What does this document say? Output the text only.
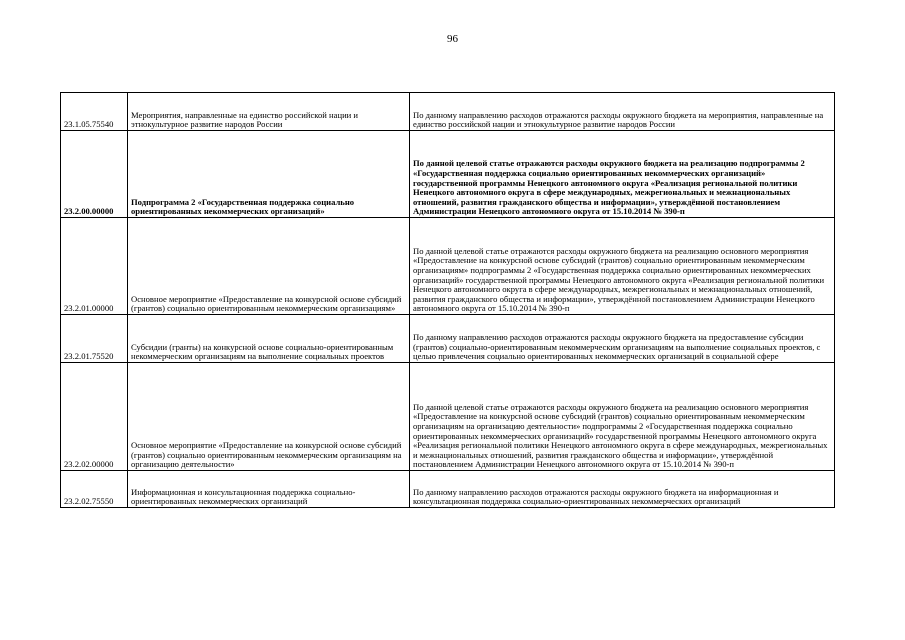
96
23.1.05.75540	Мероприятия, направленные на единство российской нации и этнокультурное развитие народов России	По данному направлению расходов отражаются расходы окружного бюджета на мероприятия, направленные на единство российской нации и этнокультурное развитие народов России
23.2.00.00000	Подпрограмма 2 «Государственная поддержка социально ориентированных некоммерческих организаций»	По данной целевой статье отражаются расходы окружного бюджета на реализацию подпрограммы 2 «Государственная поддержка социально ориентированных некоммерческих организаций» государственной программы Ненецкого автономного округа «Реализация региональной политики Ненецкого автономного округа в сфере международных, межрегиональных и межнациональных отношений, развития гражданского общества и информации», утверждённой постановлением Администрации Ненецкого автономного округа от 15.10.2014 № 390-п
23.2.01.00000	Основное мероприятие «Предоставление на конкурсной основе субсидий (грантов) социально ориентированным некоммерческим организациям»	По данной целевой статье отражаются расходы окружного бюджета на реализацию основного мероприятия «Предоставление на конкурсной основе субсидий (грантов) социально ориентированным некоммерческим организациям» подпрограммы 2 «Государственная поддержка социально ориентированных некоммерческих организаций» государственной программы Ненецкого автономного округа «Реализация региональной политики Ненецкого автономного округа в сфере международных, межрегиональных и межнациональных отношений, развития гражданского общества и информации», утверждённой постановлением Администрации Ненецкого автономного округа от 15.10.2014 № 390-п
23.2.01.75520	Субсидии (гранты) на конкурсной основе социально-ориентированным некоммерческим организациям на выполнение социальных проектов	По данному направлению расходов отражаются расходы окружного бюджета на предоставление субсидии (грантов) социально-ориентированным некоммерческим организациям на выполнение социальных проектов, с целью привлечения социально ориентированных некоммерческих организаций в социальной сфере
23.2.02.00000	Основное мероприятие «Предоставление на конкурсной основе субсидий (грантов) социально ориентированным некоммерческим организациям на организацию деятельности»	По данной целевой статье отражаются расходы окружного бюджета на реализацию основного мероприятия «Предоставление на конкурсной основе субсидий (грантов) социально ориентированным некоммерческим организациям на организацию деятельности» подпрограммы 2 «Государственная поддержка социально ориентированных некоммерческих организаций» государственной программы Ненецкого автономного округа «Реализация региональной политики Ненецкого автономного округа в сфере международных, межрегиональных и межнациональных отношений, развития гражданского общества и информации», утверждённой постановлением Администрации Ненецкого автономного округа от 15.10.2014 № 390-п
23.2.02.75550	Информационная и консультационная поддержка социально-ориентированных некоммерческих организаций	По данному направлению расходов отражаются расходы окружного бюджета на информационная и консультационная поддержка социально-ориентированных некоммерческих организаций
